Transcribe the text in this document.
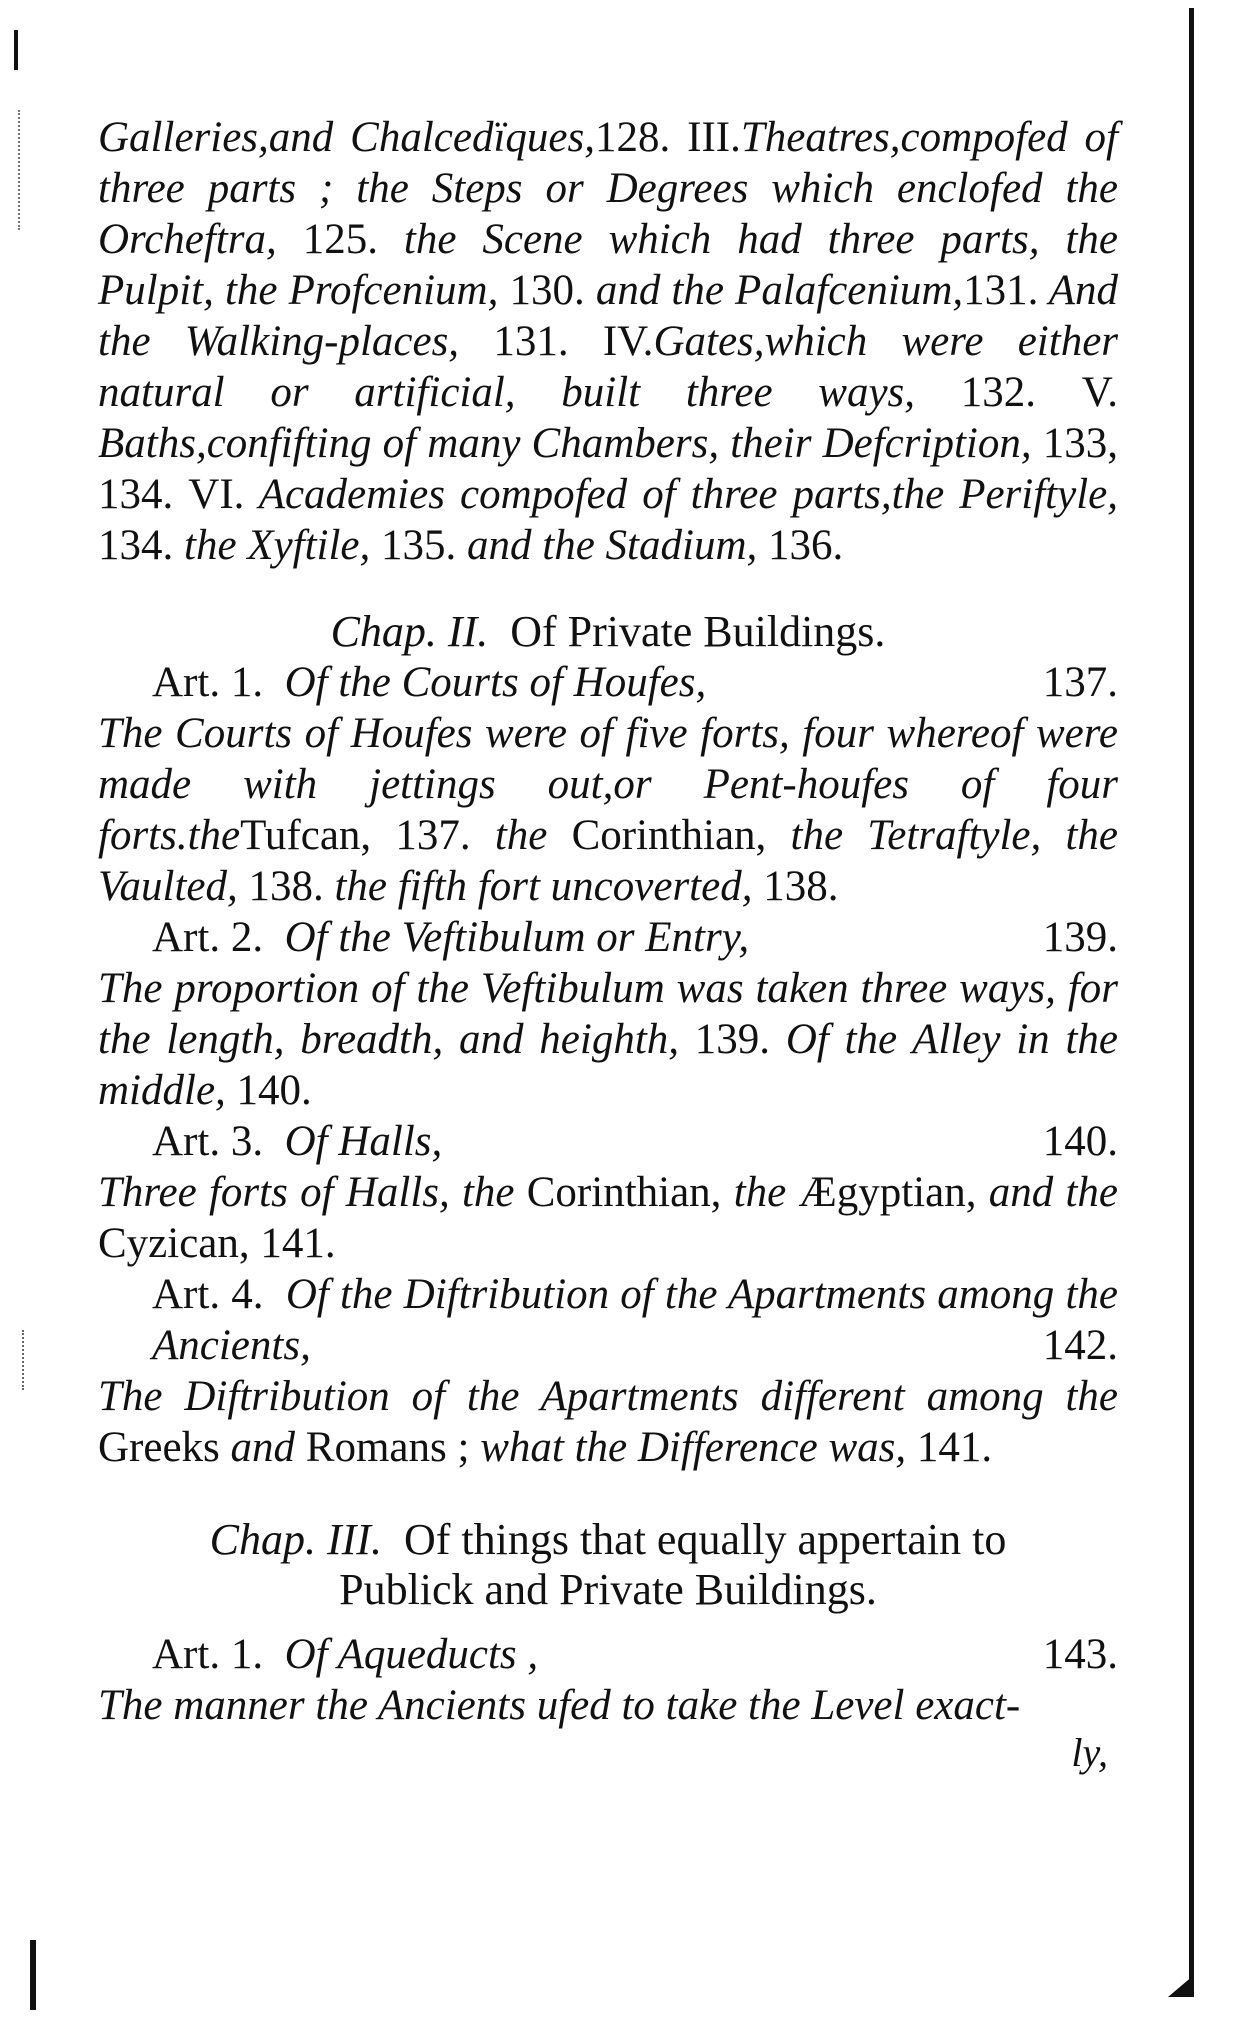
Galleries,and Chalcedïques,128. III.Theatres,compofed of three parts ; the Steps or Degrees which enclofed the Orcheftra, 125. the Scene which had three parts, the Pulpit, the Profcenium, 130. and the Palafcenium,131. And the Walking-places, 131. IV.Gates,which were either natural or artificial, built three ways, 132. V. Baths,confifting of many Chambers, their Defcription, 133, 134. VI. Academies compofed of three parts,the Periftyle, 134. the Xyftile, 135. and the Stadium, 136.

Chap. II. Of Private Buildings.

Art. 1. Of the Courts of Houfes,	137.

The Courts of Houfes were of five forts, four whereof were made with jettings out,or Pent-houfes of four forts.theTufcan, 137. the Corinthian, the Tetraftyle, the Vaulted, 138. the fifth fort uncoverted, 138.

Art. 2. Of the Veftibulum or Entry,	139.

The proportion of the Veftibulum was taken three ways, for the length, breadth, and heighth, 139. Of the Alley in the middle, 140.

Art. 3. Of Halls,	140.

Three forts of Halls, the Corinthian, the Ægyptian, and the Cyzican, 141.

Art. 4. Of the Diftribution of the Apartments among the Ancients,	142.

The Diftribution of the Apartments different among the Greeks and Romans ; what the Difference was, 141.

Chap. III. Of things that equally appertain to
Publick and Private Buildings.

Art. 1. Of Aqueducts ,	143.

The manner the Ancients ufed to take the Level exact-

ly,
